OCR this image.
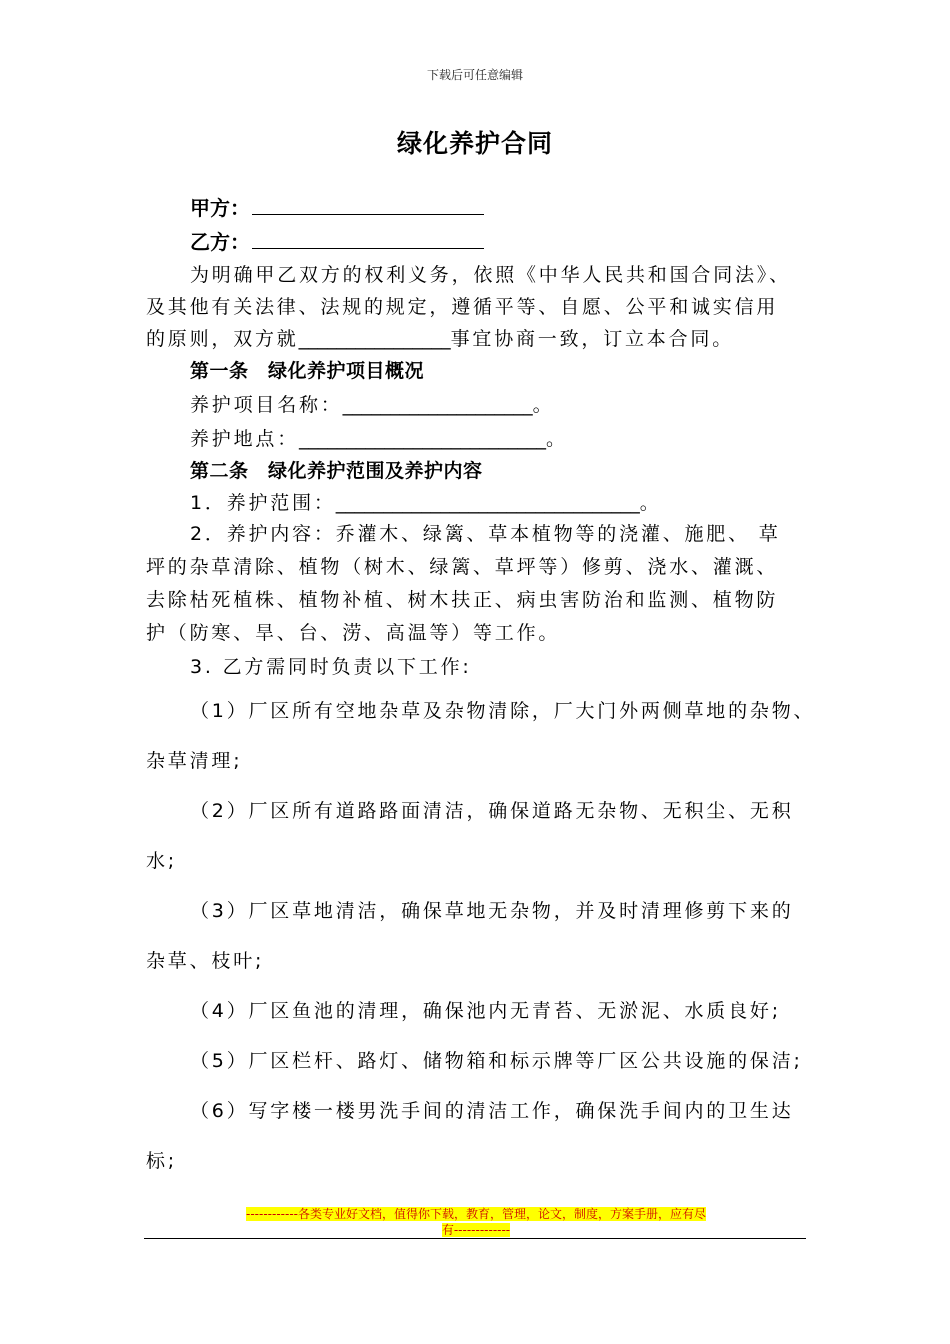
下载后可任意编辑
绿化养护合同
甲方：
乙方：
为明确甲乙双方的权利义务，依照《中华人民共和国合同法》、
及其他有关法律、法规的规定，遵循平等、自愿、公平和诚实信用
的原则，双方就________________事宜协商一致，订立本合同。
第一条　绿化养护项目概况
养护项目名称：____________________。
养护地点：__________________________。
第二条　绿化养护范围及养护内容
1．养护范围：________________________________。
2．养护内容：乔灌木、绿篱、草本植物等的浇灌、施肥、 草
坪的杂草清除、植物（树木、绿篱、草坪等）修剪、浇水、灌溉、
去除枯死植株、植物补植、树木扶正、病虫害防治和监测、植物防
护（防寒、旱、台、涝、高温等）等工作。
3. 乙方需同时负责以下工作:
（1）厂区所有空地杂草及杂物清除，厂大门外两侧草地的杂物、
杂草清理;
（2）厂区所有道路路面清洁，确保道路无杂物、无积尘、无积
水;
（3）厂区草地清洁，确保草地无杂物，并及时清理修剪下来的
杂草、枝叶;
（4）厂区鱼池的清理，确保池内无青苔、无淤泥、水质良好;
（5）厂区栏杆、路灯、储物箱和标示牌等厂区公共设施的保洁;
（6）写字楼一楼男洗手间的清洁工作，确保洗手间内的卫生达
标;
------------各类专业好文档，值得你下载，教育，管理，论文，制度，方案手册，应有尽
有-------------
